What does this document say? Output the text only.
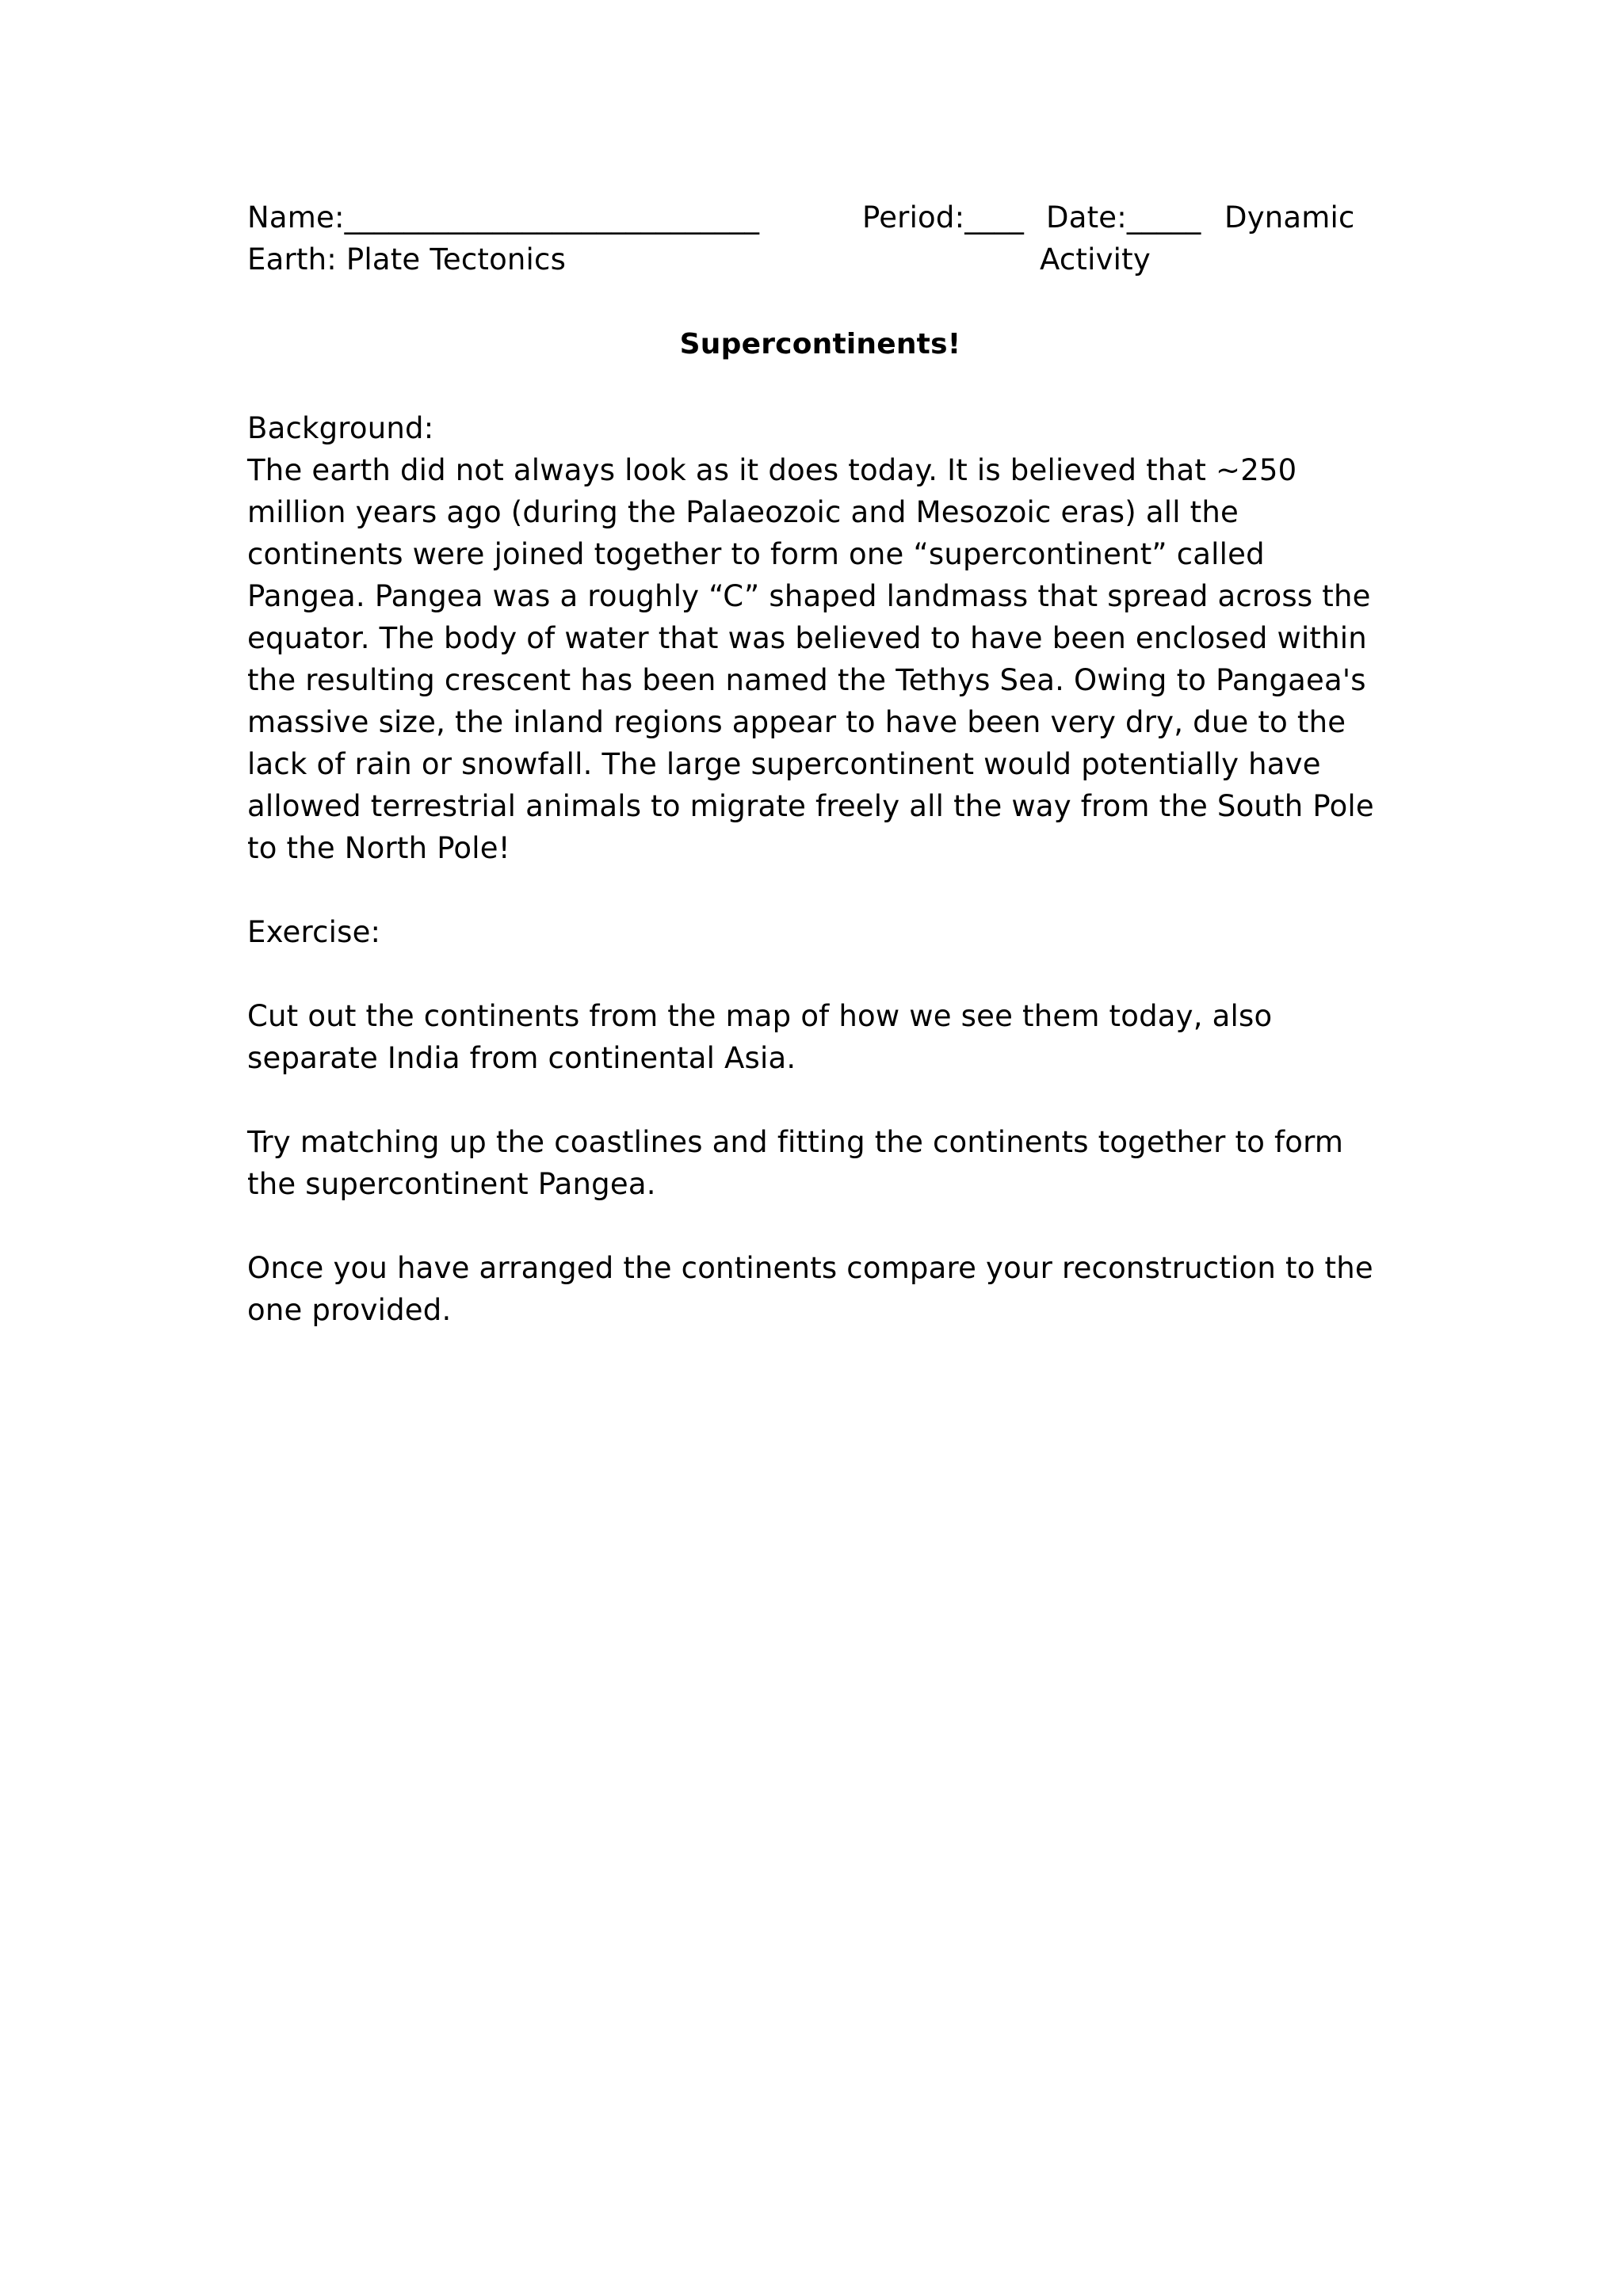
Name:____________________________	Period:____ Date:_____ Dynamic
Earth: Plate Tectonics	Activity
Supercontinents!
Background:

The earth did not always look as it does today. It is believed that ~250 million years ago (during the Palaeozoic and Mesozoic eras) all the continents were joined together to form one “supercontinent” called Pangea. Pangea was a roughly “C” shaped landmass that spread across the equator. The body of water that was believed to have been enclosed within the resulting crescent has been named the Tethys Sea. Owing to Pangaea's massive size, the inland regions appear to have been very dry, due to the lack of rain or snowfall. The large supercontinent would potentially have allowed terrestrial animals to migrate freely all the way from the South Pole to the North Pole!

Exercise:

Cut out the continents from the map of how we see them today, also separate India from continental Asia.

Try matching up the coastlines and fitting the continents together to form the supercontinent Pangea.

Once you have arranged the continents compare your reconstruction to the one provided.
